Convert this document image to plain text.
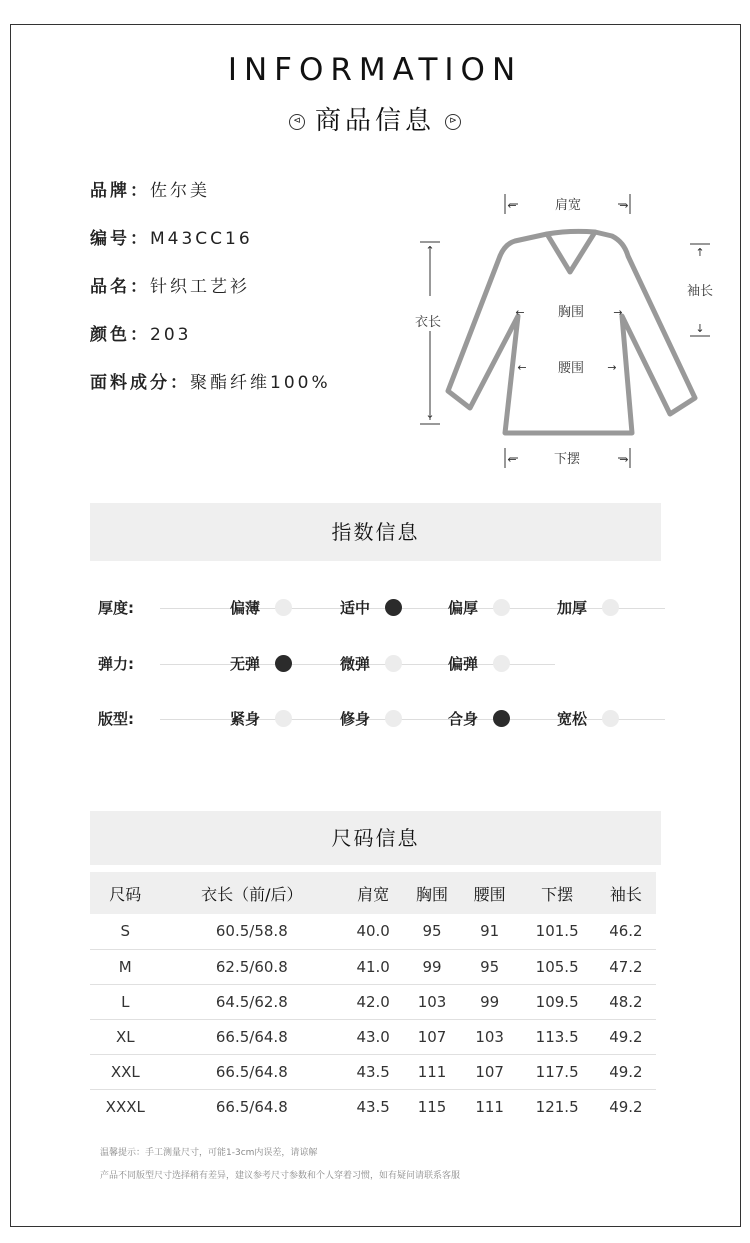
INFORMATION
⊲ 商品信息 ⊳
品牌：佐尔美
编号：M43CC16
品名：针织工艺衫
颜色：203
面料成分：聚酯纤维100%
肩宽
衣长
袖长
胸围
腰围
下摆
←	→
↑
↓
↑
↓
←	→
←	→
←	→
指数信息
厚度:	偏薄	适中	偏厚	加厚
弹力:	无弹	微弹	偏弹
版型:	紧身	修身	合身	宽松
尺码信息
尺码	衣长（前/后）	肩宽	胸围	腰围	下摆	袖长
S	60.5/58.8	40.0	95	91	101.5	46.2
M	62.5/60.8	41.0	99	95	105.5	47.2
L	64.5/62.8	42.0	103	99	109.5	48.2
XL	66.5/64.8	43.0	107	103	113.5	49.2
XXL	66.5/64.8	43.5	111	107	117.5	49.2
XXXL	66.5/64.8	43.5	115	111	121.5	49.2
温馨提示：手工测量尺寸，可能1-3cm内误差，请谅解
产品不同版型尺寸选择稍有差异，建议参考尺寸参数和个人穿着习惯，如有疑问请联系客服
